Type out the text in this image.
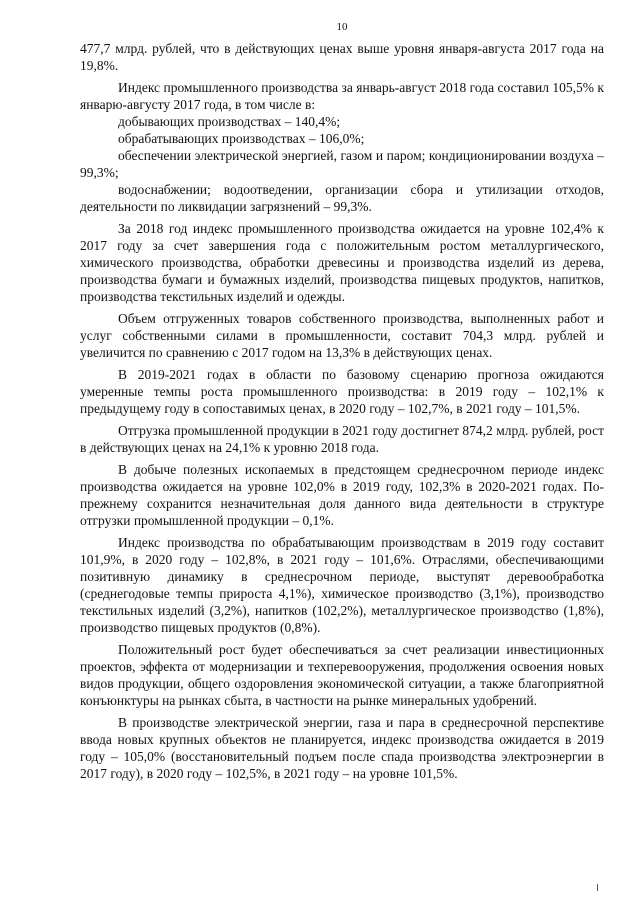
10

477,7 млрд. рублей, что в действующих ценах выше уровня января-августа 2017 года на 19,8%.

Индекс промышленного производства за январь-август 2018 года составил 105,5% к январю-августу 2017 года, в том числе в:

добывающих производствах – 140,4%;

обрабатывающих производствах – 106,0%;

обеспечении электрической энергией, газом и паром; кондиционировании воздуха – 99,3%;

водоснабжении; водоотведении, организации сбора и утилизации отходов, деятельности по ликвидации загрязнений – 99,3%.

За 2018 год индекс промышленного производства ожидается на уровне 102,4% к 2017 году за счет завершения года с положительным ростом металлургического, химического производства, обработки древесины и производства изделий из дерева, производства бумаги и бумажных изделий, производства пищевых продуктов, напитков, производства текстильных изделий и одежды.

Объем отгруженных товаров собственного производства, выполненных работ и услуг собственными силами в промышленности, составит 704,3 млрд. рублей и увеличится по сравнению с 2017 годом на 13,3% в действующих ценах.

В 2019-2021 годах в области по базовому сценарию прогноза ожидаются умеренные темпы роста промышленного производства: в 2019 году – 102,1% к предыдущему году в сопоставимых ценах, в 2020 году – 102,7%, в 2021 году – 101,5%.

Отгрузка промышленной продукции в 2021 году достигнет 874,2 млрд. рублей, рост в действующих ценах на 24,1% к уровню 2018 года.

В добыче полезных ископаемых в предстоящем среднесрочном периоде индекс производства ожидается на уровне 102,0% в 2019 году, 102,3% в 2020-2021 годах. По-прежнему сохранится незначительная доля данного вида деятельности в структуре отгрузки промышленной продукции – 0,1%.

Индекс производства по обрабатывающим производствам в 2019 году составит 101,9%, в 2020 году – 102,8%, в 2021 году – 101,6%. Отраслями, обеспечивающими позитивную динамику в среднесрочном периоде, выступят деревообработка (среднегодовые темпы прироста 4,1%), химическое производство (3,1%), производство текстильных изделий (3,2%), напитков (102,2%), металлургическое производство (1,8%), производство пищевых продуктов (0,8%).

Положительный рост будет обеспечиваться за счет реализации инвестиционных проектов, эффекта от модернизации и техперевооружения, продолжения освоения новых видов продукции, общего оздоровления экономической ситуации, а также благоприятной конъюнктуры на рынках сбыта, в частности на рынке минеральных удобрений.

В производстве электрической энергии, газа и пара в среднесрочной перспективе ввода новых крупных объектов не планируется, индекс производства ожидается в 2019 году – 105,0% (восстановительный подъем после спада производства электроэнергии в 2017 году), в 2020 году – 102,5%, в 2021 году – на уровне 101,5%.
